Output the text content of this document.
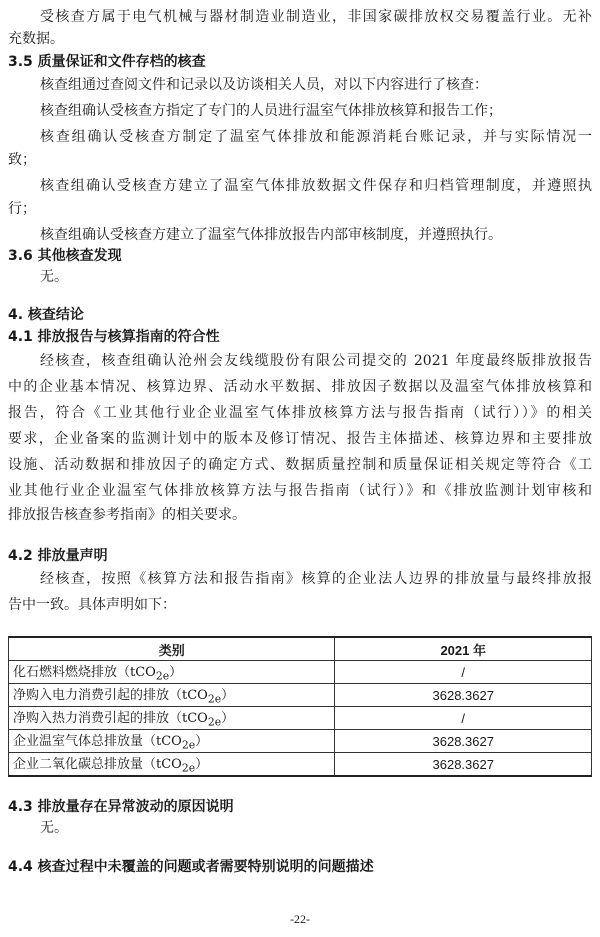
受核查方属于电气机械与器材制造业制造业，非国家碳排放权交易覆盖行业。无补
充数据。
3.5 质量保证和文件存档的核查
核查组通过查阅文件和记录以及访谈相关人员，对以下内容进行了核查：
核查组确认受核查方指定了专门的人员进行温室气体排放核算和报告工作；
核查组确认受核查方制定了温室气体排放和能源消耗台账记录，并与实际情况一
致；
核查组确认受核查方建立了温室气体排放数据文件保存和归档管理制度，并遵照执
行；
核查组确认受核查方建立了温室气体排放报告内部审核制度，并遵照执行。
3.6 其他核查发现
无。
4. 核查结论
4.1 排放报告与核算指南的符合性
经核查，核查组确认沧州会友线缆股份有限公司提交的 2021 年度最终版排放报告
中的企业基本情况、核算边界、活动水平数据、排放因子数据以及温室气体排放核算和
报告，符合《工业其他行业企业温室气体排放核算方法与报告指南（试行））》的相关
要求，企业备案的监测计划中的版本及修订情况、报告主体描述、核算边界和主要排放
设施、活动数据和排放因子的确定方式、数据质量控制和质量保证相关规定等符合《工
业其他行业企业温室气体排放核算方法与报告指南（试行）》和《排放监测计划审核和
排放报告核查参考指南》的相关要求。
4.2 排放量声明
经核查，按照《核算方法和报告指南》核算的企业法人边界的排放量与最终排放报
告中一致。具体声明如下：
类别	2021 年
化石燃料燃烧排放（tCO$_{2e}$）	/
净购入电力消费引起的排放（tCO$_{2e}$）	3628.3627
净购入热力消费引起的排放（tCO$_{2e}$）	/
企业温室气体总排放量（tCO$_{2e}$）	3628.3627
企业二氧化碳总排放量（tCO$_{2e}$）	3628.3627
4.3 排放量存在异常波动的原因说明
无。
4.4 核查过程中未覆盖的问题或者需要特别说明的问题描述
-22-
